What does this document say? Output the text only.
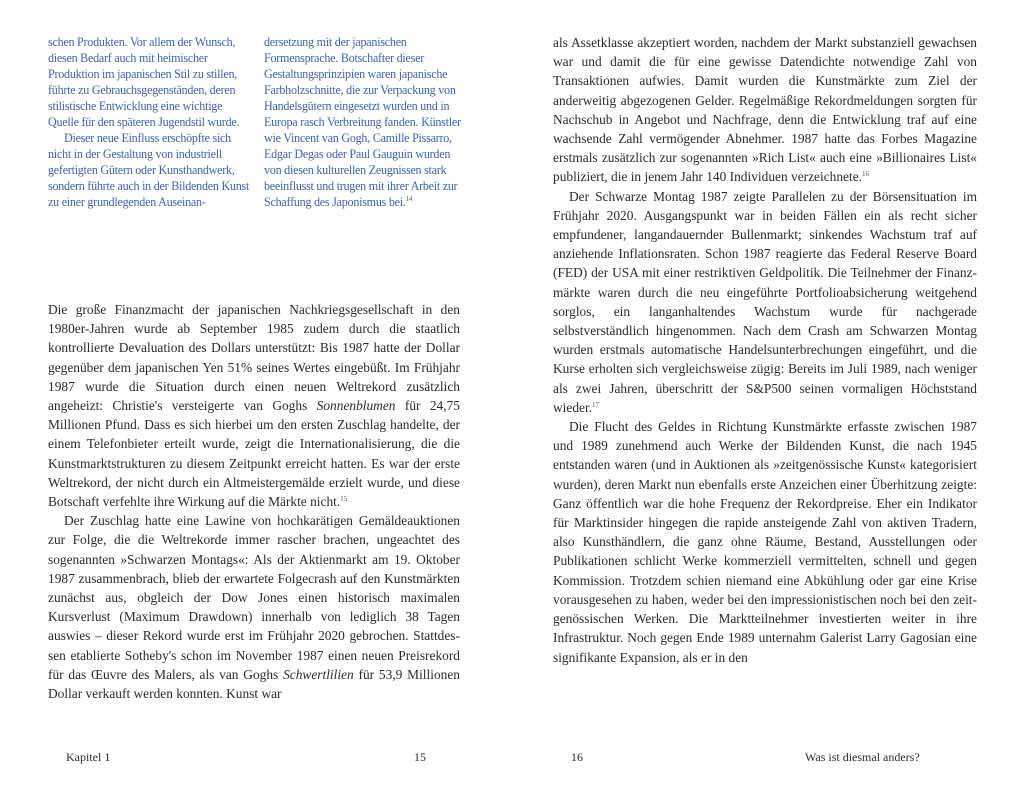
schen Produkten. Vor allem der Wunsch, diesen Bedarf auch mit heimischer Produktion im japanischen Stil zu stillen, führte zu Gebrauchsgegenständen, deren stilistische Entwicklung eine wichtige Quelle für den späteren Jugendstil wurde.

Dieser neue Einfluss erschöpfte sich nicht in der Gestaltung von industriell gefertigten Gütern oder Kunsthandwerk, sondern führte auch in der Bildenden Kunst zu einer grundlegenden Auseinan-

dersetzung mit der japanischen Formensprache. Botschafter dieser Gestaltungsprinzipien waren japanische Farbholzschnitte, die zur Verpackung von Handelsgütern eingesetzt wurden und in Europa rasch Verbreitung fanden. Künstler wie Vincent van Gogh, Camille Pissarro, Edgar Degas oder Paul Gauguin wurden von diesen kulturellen Zeugnissen stark beeinflusst und trugen mit ihrer Arbeit zur Schaffung des Japonismus bei.$^{14}$

Die große Finanzmacht der japanischen Nachkriegsgesellschaft in den 1980er-Jahren wurde ab September 1985 zudem durch die staatlich kontrollierte Devaluation des Dollars unterstützt: Bis 1987 hatte der Dollar gegenüber dem japanischen Yen 51% seines Wertes eingebüßt. Im Frühjahr 1987 wurde die Situation durch einen neuen Weltrekord zusätzlich angeheizt: Christie's versteigerte van Goghs Sonnenblumen für 24,75 Millionen Pfund. Dass es sich hierbei um den ersten Zuschlag handelte, der einem Telefonbieter erteilt wurde, zeigt die Internationalisierung, die die Kunstmarktstrukturen zu diesem Zeitpunkt erreicht hatten. Es war der erste Weltrekord, der nicht durch ein Altmeistergemälde erzielt wurde, und diese Botschaft verfehlte ihre Wirkung auf die Märkte nicht.$^{15}$

Der Zuschlag hatte eine Lawine von hochkarätigen Gemäldeauktionen zur Folge, die die Weltrekorde immer rascher brachen, ungeachtet des sogenannten »Schwarzen Montags«: Als der Aktienmarkt am 19. Oktober 1987 zusammenbrach, blieb der erwartete Folgecrash auf den Kunstmärkten zunächst aus, obgleich der Dow Jones einen historisch maximalen Kursverlust (Maximum Drawdown) innerhalb von lediglich 38 Tagen auswies – dieser Rekord wurde erst im Frühjahr 2020 gebrochen. Stattdessen etablierte Sotheby's schon im November 1987 einen neuen Preisrekord für das Œuvre des Malers, als van Goghs Schwertlilien für 53,9 Millionen Dollar verkauft werden konnten. Kunst war

Kapitel 1	15

als Assetklasse akzeptiert worden, nachdem der Markt substanziell gewachsen war und damit die für eine gewisse Datendichte notwendige Zahl von Transaktionen aufwies. Damit wurden die Kunstmärkte zum Ziel der anderweitig abgezogenen Gelder. Regelmäßige Rekordmeldungen sorgten für Nachschub in Angebot und Nachfrage, denn die Entwicklung traf auf eine wachsende Zahl vermögender Abnehmer. 1987 hatte das Forbes Magazine erstmals zusätzlich zur sogenannten »Rich List« auch eine »Billionaires List« publiziert, die in jenem Jahr 140 Individuen verzeichnete.$^{16}$

Der Schwarze Montag 1987 zeigte Parallelen zu der Börsensituation im Frühjahr 2020. Ausgangspunkt war in beiden Fällen ein als recht sicher empfundener, langandauernder Bullenmarkt; sinkendes Wachstum traf auf anziehende Inflationsraten. Schon 1987 reagierte das Federal Reserve Board (FED) der USA mit einer restriktiven Geldpolitik. Die Teilnehmer der Finanzmärkte waren durch die neu eingeführte Portfolioabsicherung weitgehend sorglos, ein langanhaltendes Wachstum wurde für nachgerade selbstverständlich hingenommen. Nach dem Crash am Schwarzen Montag wurden erstmals automatische Handelsunterbrechungen eingeführt, und die Kurse erholten sich vergleichsweise zügig: Bereits im Juli 1989, nach weniger als zwei Jahren, überschritt der S&P500 seinen vormaligen Höchststand wieder.$^{17}$

Die Flucht des Geldes in Richtung Kunstmärkte erfasste zwischen 1987 und 1989 zunehmend auch Werke der Bildenden Kunst, die nach 1945 entstanden waren (und in Auktionen als »zeitgenössische Kunst« kategorisiert wurden), deren Markt nun ebenfalls erste Anzeichen einer Überhitzung zeigte: Ganz öffentlich war die hohe Frequenz der Rekordpreise. Eher ein Indikator für Marktinsider hingegen die rapide ansteigende Zahl von aktiven Tradern, also Kunsthändlern, die ganz ohne Räume, Bestand, Ausstellungen oder Publikationen schlicht Werke kommerziell vermittelten, schnell und gegen Kommission. Trotzdem schien niemand eine Abkühlung oder gar eine Krise vorausgesehen zu haben, weder bei den impressionistischen noch bei den zeitgenössischen Werken. Die Marktteilnehmer investierten weiter in ihre Infrastruktur. Noch gegen Ende 1989 unternahm Galerist Larry Gagosian eine signifikante Expansion, als er in den

16	Was ist diesmal anders?
